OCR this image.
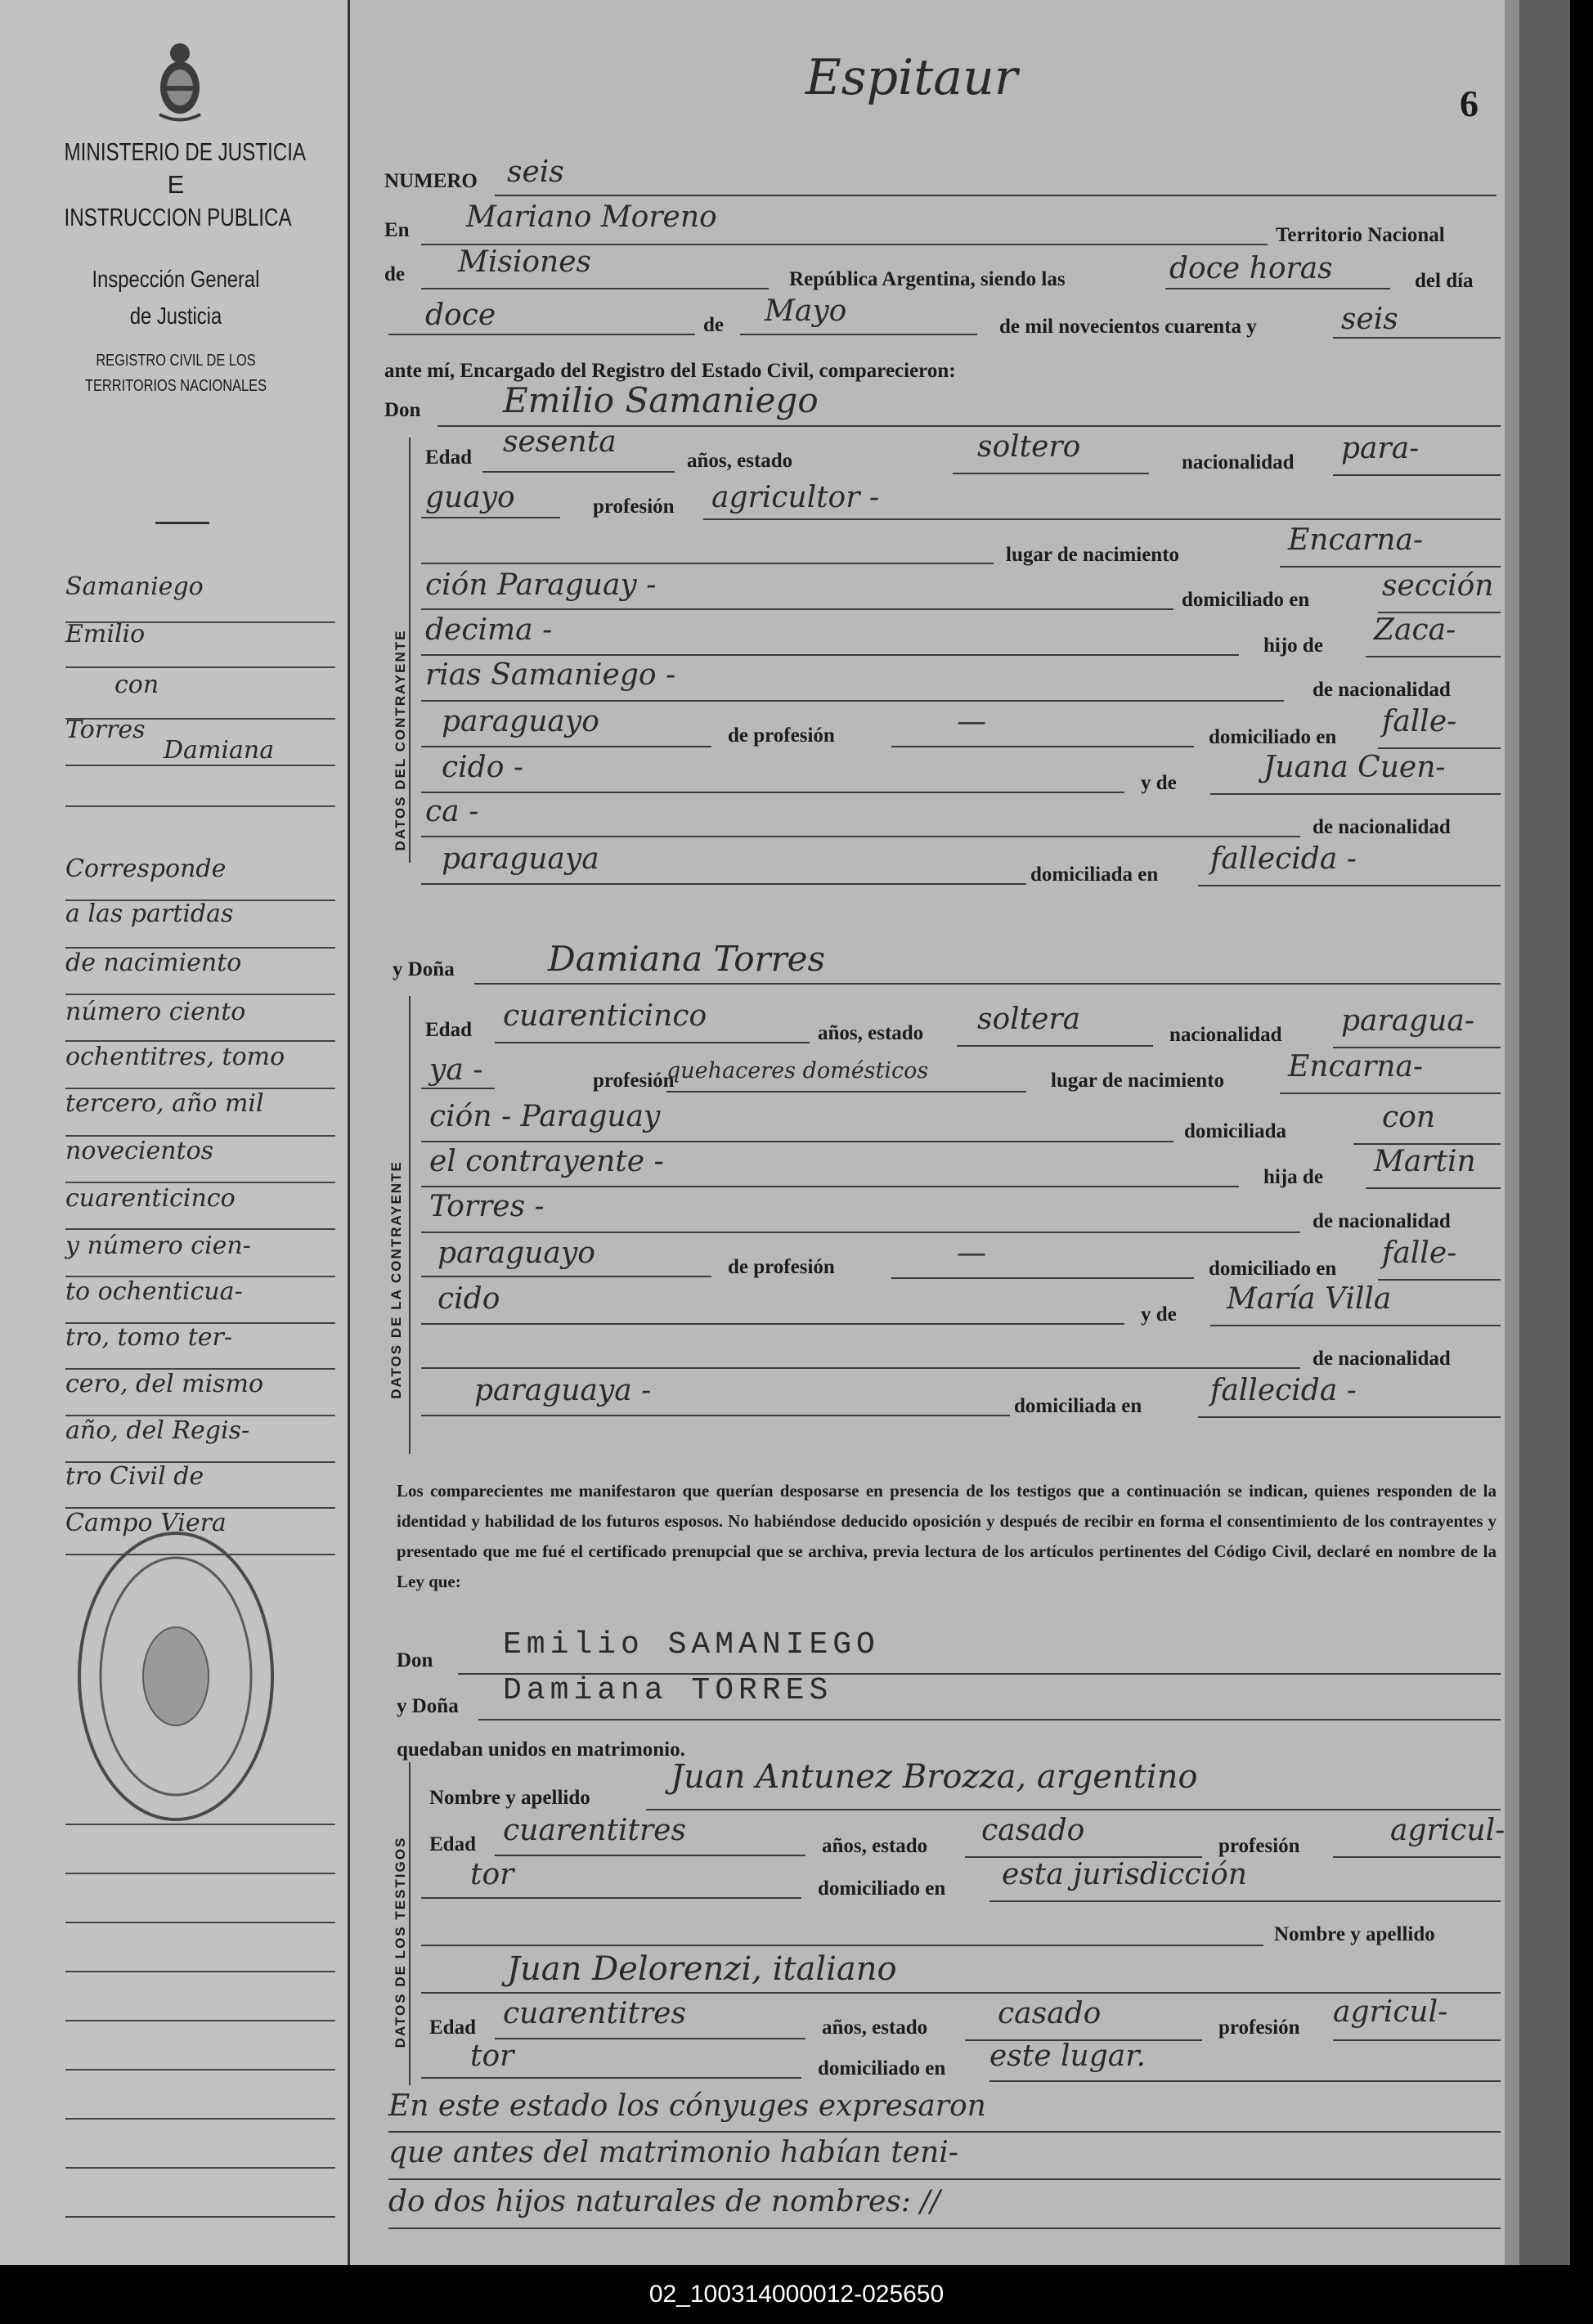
MINISTERIO DE JUSTICIA
E
INSTRUCCION PUBLICA
Inspección General
de Justicia
REGISTRO CIVIL DE LOS
TERRITORIOS NACIONALES
Samaniego
Emilio
con
Torres
Damiana
Corresponde
a las partidas
de nacimiento
número ciento
ochentitres, tomo
tercero, año mil
novecientos
cuarenticinco
y número cien-
to ochenticua-
tro, tomo ter-
cero, del mismo
año, del Regis-
tro Civil de
Campo Viera
6
Espitaur
NUMERO seis
En Mariano Moreno
Territorio Nacional
de Misiones
República Argentina, siendo las	doce horas	del día
doce	de Mayo	de mil novecientos cuarenta y	seis
ante mí, Encargado del Registro del Estado Civil, comparecieron:
Don Emilio Samaniego
DATOS DEL CONTRAYENTE
Edad sesenta
años, estado	soltero	nacionalidad para-
guayo	profesión agricultor -
lugar de nacimiento	Encarna-
ción Paraguay -	domiciliado en sección
decima -	hijo de Zaca-
rias Samaniego -	de nacionalidad
paraguayo	de profesión	—	domiciliado en falle-
cido -	y de	Juana Cuen-
ca -	de nacionalidad
paraguaya	domiciliada en fallecida -
y Doña	Damiana Torres
DATOS DE LA CONTRAYENTE
Edad cuarenticinco
años, estado soltera	nacionalidad paragua-
ya -	profesión
quehaceres domésticos	lugar de nacimiento Encarna-
ción - Paraguay	domiciliada	con
el contrayente -	hija de Martin
Torres -	de nacionalidad
paraguayo	de profesión	—	domiciliado en falle-
cido	y de María Villa
de nacionalidad
paraguaya -	domiciliada en fallecida -
Los comparecientes me manifestaron que querían desposarse en presencia de los testigos que a continuación se indican, quienes responden de la identidad y habilidad de los futuros esposos. No habiéndose deducido oposición y después de recibir en forma el consentimiento de los contrayentes y presentado que me fué el certificado prenupcial que se archiva, previa lectura de los artículos pertinentes del Código Civil, declaré en nombre de la Ley que:
Don Emilio SAMANIEGO
y Doña Damiana TORRES
quedaban unidos en matrimonio.
DATOS DE LOS TESTIGOS
Nombre y apellido
Juan Antunez Brozza, argentino
Edad cuarentitres	años, estado casado	profesión	agricul-
tor	domiciliado en esta jurisdicción
Nombre y apellido
Juan Delorenzi, italiano
Edad cuarentitres	años, estado casado	profesión agricul-
tor	domiciliado en este lugar.
En este estado los cónyuges expresaron
que antes del matrimonio habían teni-
do dos hijos naturales de nombres: //
02_100314000012-025650
